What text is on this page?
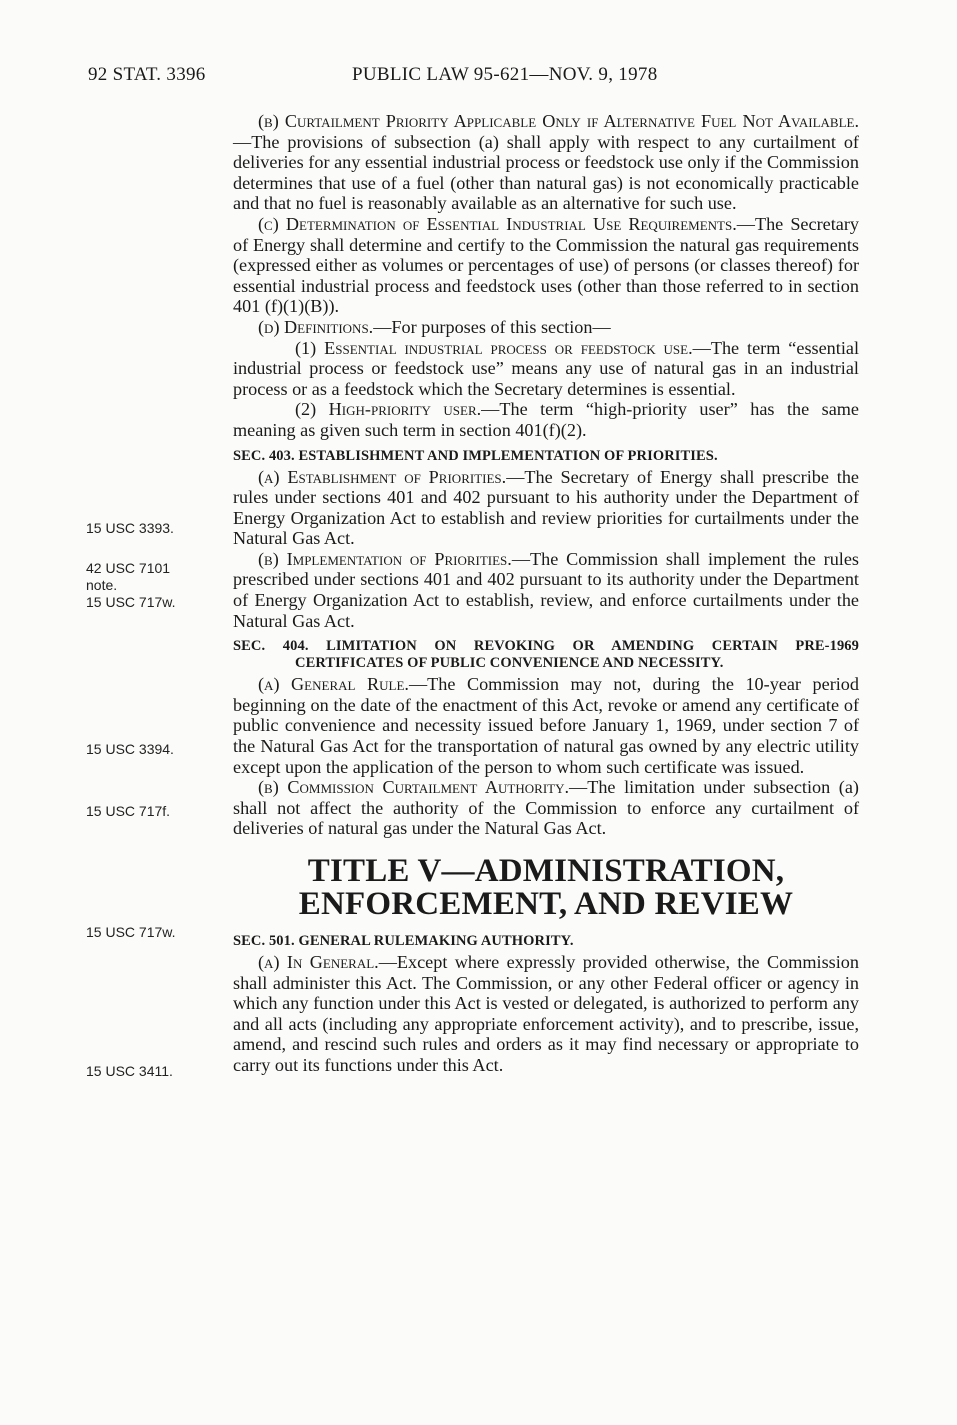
92 STAT. 3396	PUBLIC LAW 95-621—NOV. 9, 1978
15 USC 3393.
42 USC 7101
note.
15 USC 717w.
15 USC 3394.
15 USC 717f.
15 USC 717w.
15 USC 3411.

(b) Curtailment Priority Applicable Only if Alternative Fuel Not Available.—The provisions of subsection (a) shall apply with respect to any curtailment of deliveries for any essential industrial process or feedstock use only if the Commission determines that use of a fuel (other than natural gas) is not economically practicable and that no fuel is reasonably available as an alternative for such use.

(c) Determination of Essential Industrial Use Requirements.—The Secretary of Energy shall determine and certify to the Commission the natural gas requirements (expressed either as volumes or percentages of use) of persons (or classes thereof) for essential industrial process and feedstock uses (other than those referred to in section 401 (f)(1)(B)).

(d) Definitions.—For purposes of this section—

(1) Essential industrial process or feedstock use.—The term “essential industrial process or feedstock use” means any use of natural gas in an industrial process or as a feedstock which the Secretary determines is essential.

(2) High-priority user.—The term “high-priority user” has the same meaning as given such term in section 401(f)(2).

SEC. 403. ESTABLISHMENT AND IMPLEMENTATION OF PRIORITIES.

(a) Establishment of Priorities.—The Secretary of Energy shall prescribe the rules under sections 401 and 402 pursuant to his authority under the Department of Energy Organization Act to establish and review priorities for curtailments under the Natural Gas Act.

(b) Implementation of Priorities.—The Commission shall implement the rules prescribed under sections 401 and 402 pursuant to its authority under the Department of Energy Organization Act to establish, review, and enforce curtailments under the Natural Gas Act.

SEC. 404. LIMITATION ON REVOKING OR AMENDING CERTAIN PRE-1969 CERTIFICATES OF PUBLIC CONVENIENCE AND NECESSITY.

(a) General Rule.—The Commission may not, during the 10-year period beginning on the date of the enactment of this Act, revoke or amend any certificate of public convenience and necessity issued before January 1, 1969, under section 7 of the Natural Gas Act for the transportation of natural gas owned by any electric utility except upon the application of the person to whom such certificate was issued.

(b) Commission Curtailment Authority.—The limitation under subsection (a) shall not affect the authority of the Commission to enforce any curtailment of deliveries of natural gas under the Natural Gas Act.

TITLE V—ADMINISTRATION, ENFORCEMENT, AND REVIEW
SEC. 501. GENERAL RULEMAKING AUTHORITY.

(a) In General.—Except where expressly provided otherwise, the Commission shall administer this Act. The Commission, or any other Federal officer or agency in which any function under this Act is vested or delegated, is authorized to perform any and all acts (including any appropriate enforcement activity), and to prescribe, issue, amend, and rescind such rules and orders as it may find necessary or appropriate to carry out its functions under this Act.
